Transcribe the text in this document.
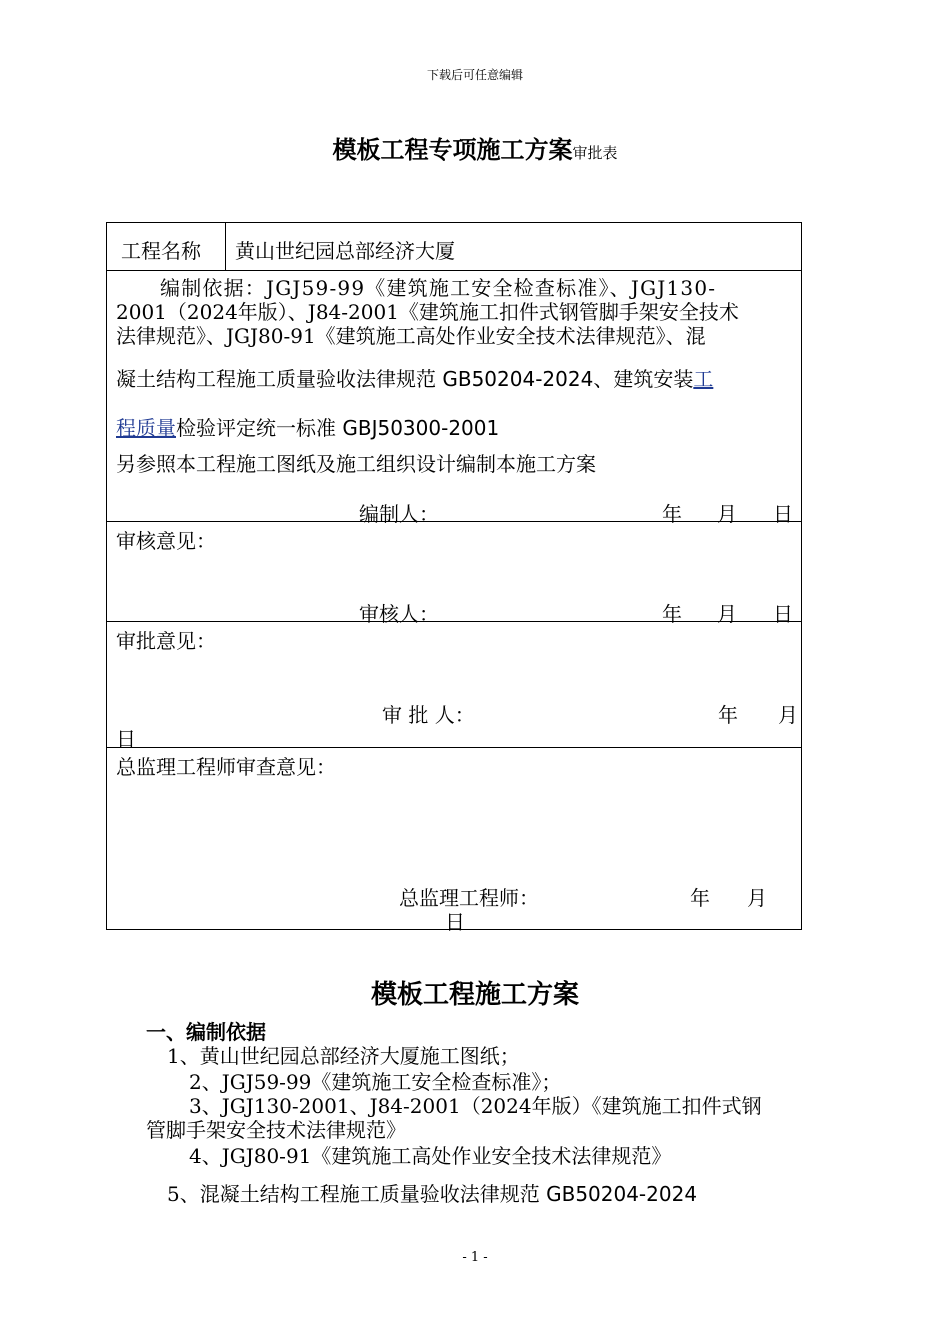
下载后可任意编辑
模板工程专项施工方案审批表
工程名称 黄山世纪园总部经济大厦
编制依据：JGJ59-99《建筑施工安全检查标准》、JGJ130-
2001（2024年版）、J84-2001《建筑施工扣件式钢管脚手架安全技术
法律规范》、JGJ80-91《建筑施工高处作业安全技术法律规范》、混
凝土结构工程施工质量验收法律规范 GB50204-2024、建筑安装工
程质量检验评定统一标准 GBJ50300-2001
另参照本工程施工图纸及施工组织设计编制本施工方案
编制人：	年 月 日
审核意见：
审核人：	年 月 日
审批意见：
审 批 人：	年 月
日
总监理工程师审查意见：
总监理工程师：	年 月
日
模板工程施工方案
一、编制依据
1、黄山世纪园总部经济大厦施工图纸；
2、JGJ59-99《建筑施工安全检查标准》；
3、JGJ130-2001、J84-2001（2024年版）《建筑施工扣件式钢
管脚手架安全技术法律规范》
4、JGJ80-91《建筑施工高处作业安全技术法律规范》
5、混凝土结构工程施工质量验收法律规范 GB50204-2024
- 1 -
